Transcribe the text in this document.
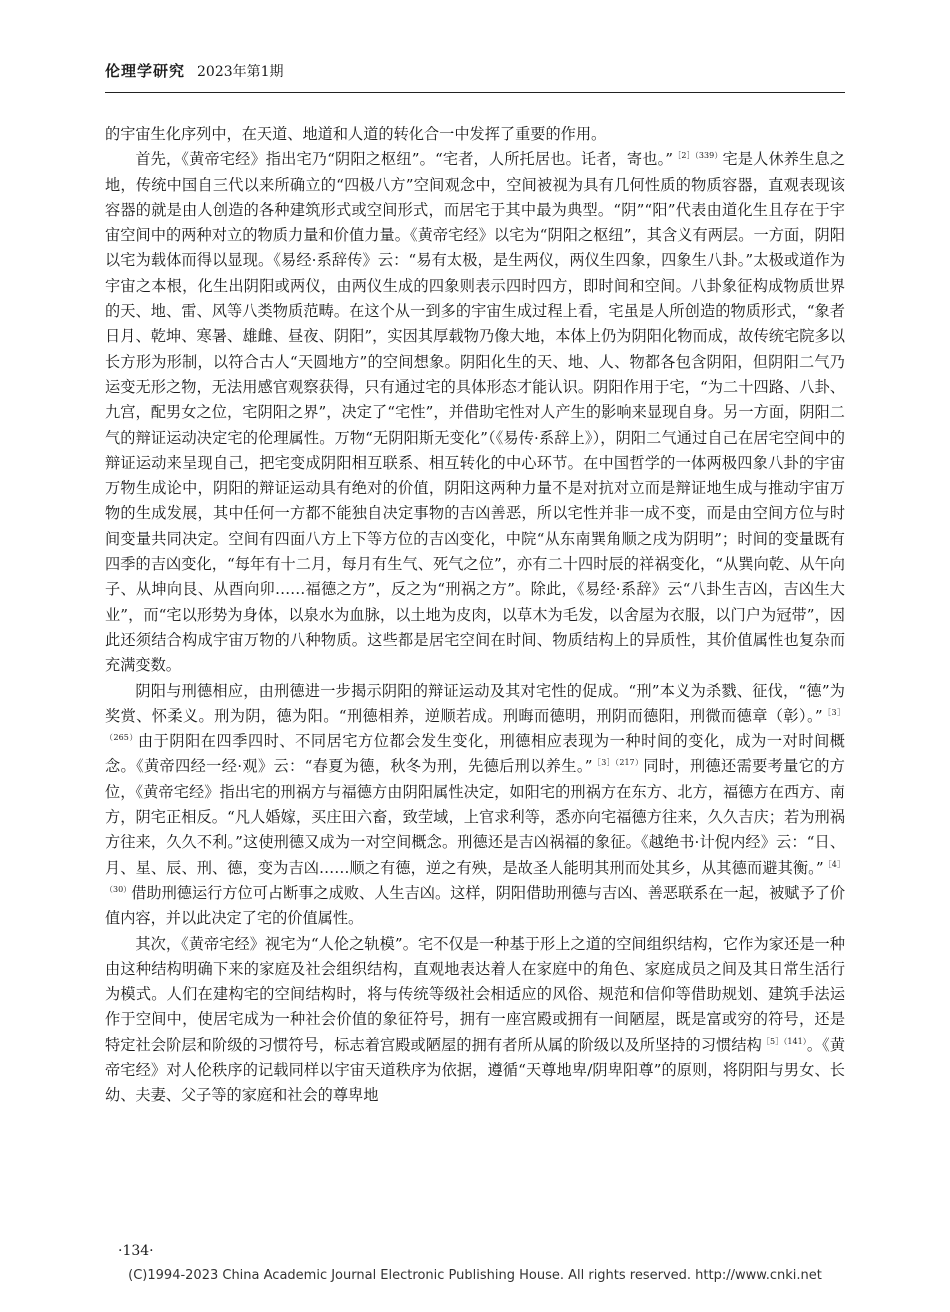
伦理学研究 2023年第1期

的宇宙生化序列中，在天道、地道和人道的转化合一中发挥了重要的作用。

首先，《黄帝宅经》指出宅乃“阴阳之枢纽”。“宅者，人所托居也。讬者，寄也。”$^{[2](339)}$宅是人休养生息之地，传统中国自三代以来所确立的“四极八方”空间观念中，空间被视为具有几何性质的物质容器，直观表现该容器的就是由人创造的各种建筑形式或空间形式，而居宅于其中最为典型。“阴”“阳”代表由道化生且存在于宇宙空间中的两种对立的物质力量和价值力量。《黄帝宅经》以宅为“阴阳之枢纽”，其含义有两层。一方面，阴阳以宅为载体而得以显现。《易经·系辞传》云：“易有太极，是生两仪，两仪生四象，四象生八卦。”太极或道作为宇宙之本根，化生出阴阳或两仪，由两仪生成的四象则表示四时四方，即时间和空间。八卦象征构成物质世界的天、地、雷、风等八类物质范畴。在这个从一到多的宇宙生成过程上看，宅虽是人所创造的物质形式，“象者日月、乾坤、寒暑、雄雌、昼夜、阴阳”，实因其厚载物乃像大地，本体上仍为阴阳化物而成，故传统宅院多以长方形为形制，以符合古人“天圆地方”的空间想象。阴阳化生的天、地、人、物都各包含阴阳，但阴阳二气乃运变无形之物，无法用感官观察获得，只有通过宅的具体形态才能认识。阴阳作用于宅，“为二十四路、八卦、九宫，配男女之位，宅阴阳之界”，决定了“宅性”，并借助宅性对人产生的影响来显现自身。另一方面，阴阳二气的辩证运动决定宅的伦理属性。万物“无阴阳斯无变化”（《易传·系辞上》），阴阳二气通过自己在居宅空间中的辩证运动来呈现自己，把宅变成阴阳相互联系、相互转化的中心环节。在中国哲学的一体两极四象八卦的宇宙万物生成论中，阴阳的辩证运动具有绝对的价值，阴阳这两种力量不是对抗对立而是辩证地生成与推动宇宙万物的生成发展，其中任何一方都不能独自决定事物的吉凶善恶，所以宅性并非一成不变，而是由空间方位与时间变量共同决定。空间有四面八方上下等方位的吉凶变化，中院“从东南巽角顺之戌为阴明”；时间的变量既有四季的吉凶变化，“每年有十二月，每月有生气、死气之位”，亦有二十四时辰的祥祸变化，“从巽向乾、从午向子、从坤向艮、从酉向卯……福德之方”，反之为“刑祸之方”。除此，《易经·系辞》云“八卦生吉凶，吉凶生大业”，而“宅以形势为身体，以泉水为血脉，以土地为皮肉，以草木为毛发，以舍屋为衣服，以门户为冠带”，因此还须结合构成宇宙万物的八种物质。这些都是居宅空间在时间、物质结构上的异质性，其价值属性也复杂而充满变数。

阴阳与刑德相应，由刑德进一步揭示阴阳的辩证运动及其对宅性的促成。“刑”本义为杀戮、征伐，“德”为奖赏、怀柔义。刑为阴，德为阳。“刑德相养，逆顺若成。刑晦而德明，刑阴而德阳，刑微而德章（彰）。”$^{[3](265)}$由于阴阳在四季四时、不同居宅方位都会发生变化，刑德相应表现为一种时间的变化，成为一对时间概念。《黄帝四经一经·观》云：“春夏为德，秋冬为刑，先德后刑以养生。”$^{[3](217)}$同时，刑德还需要考量它的方位，《黄帝宅经》指出宅的刑祸方与福德方由阴阳属性决定，如阳宅的刑祸方在东方、北方，福德方在西方、南方，阴宅正相反。“凡人婚嫁，买庄田六畜，致茔域，上官求利等，悉亦向宅福德方往来，久久吉庆；若为刑祸方往来，久久不利。”这使刑德又成为一对空间概念。刑德还是吉凶祸福的象征。《越绝书·计倪内经》云：“日、月、星、辰、刑、德，变为吉凶……顺之有德，逆之有殃，是故圣人能明其刑而处其乡，从其德而避其衡。”$^{[4](30)}$借助刑德运行方位可占断事之成败、人生吉凶。这样，阴阳借助刑德与吉凶、善恶联系在一起，被赋予了价值内容，并以此决定了宅的价值属性。

其次，《黄帝宅经》视宅为“人伦之轨模”。宅不仅是一种基于形上之道的空间组织结构，它作为家还是一种由这种结构明确下来的家庭及社会组织结构，直观地表达着人在家庭中的角色、家庭成员之间及其日常生活行为模式。人们在建构宅的空间结构时，将与传统等级社会相适应的风俗、规范和信仰等借助规划、建筑手法运作于空间中，使居宅成为一种社会价值的象征符号，拥有一座宫殿或拥有一间陋屋，既是富或穷的符号，还是特定社会阶层和阶级的习惯符号，标志着宫殿或陋屋的拥有者所从属的阶级以及所坚持的习惯结构$^{[5](141)}$。《黄帝宅经》对人伦秩序的记载同样以宇宙天道秩序为依据，遵循“天尊地卑/阴卑阳尊”的原则，将阴阳与男女、长幼、夫妻、父子等的家庭和社会的尊卑地

·134·
(C)1994-2023 China Academic Journal Electronic Publishing House. All rights reserved. http://www.cnki.net
